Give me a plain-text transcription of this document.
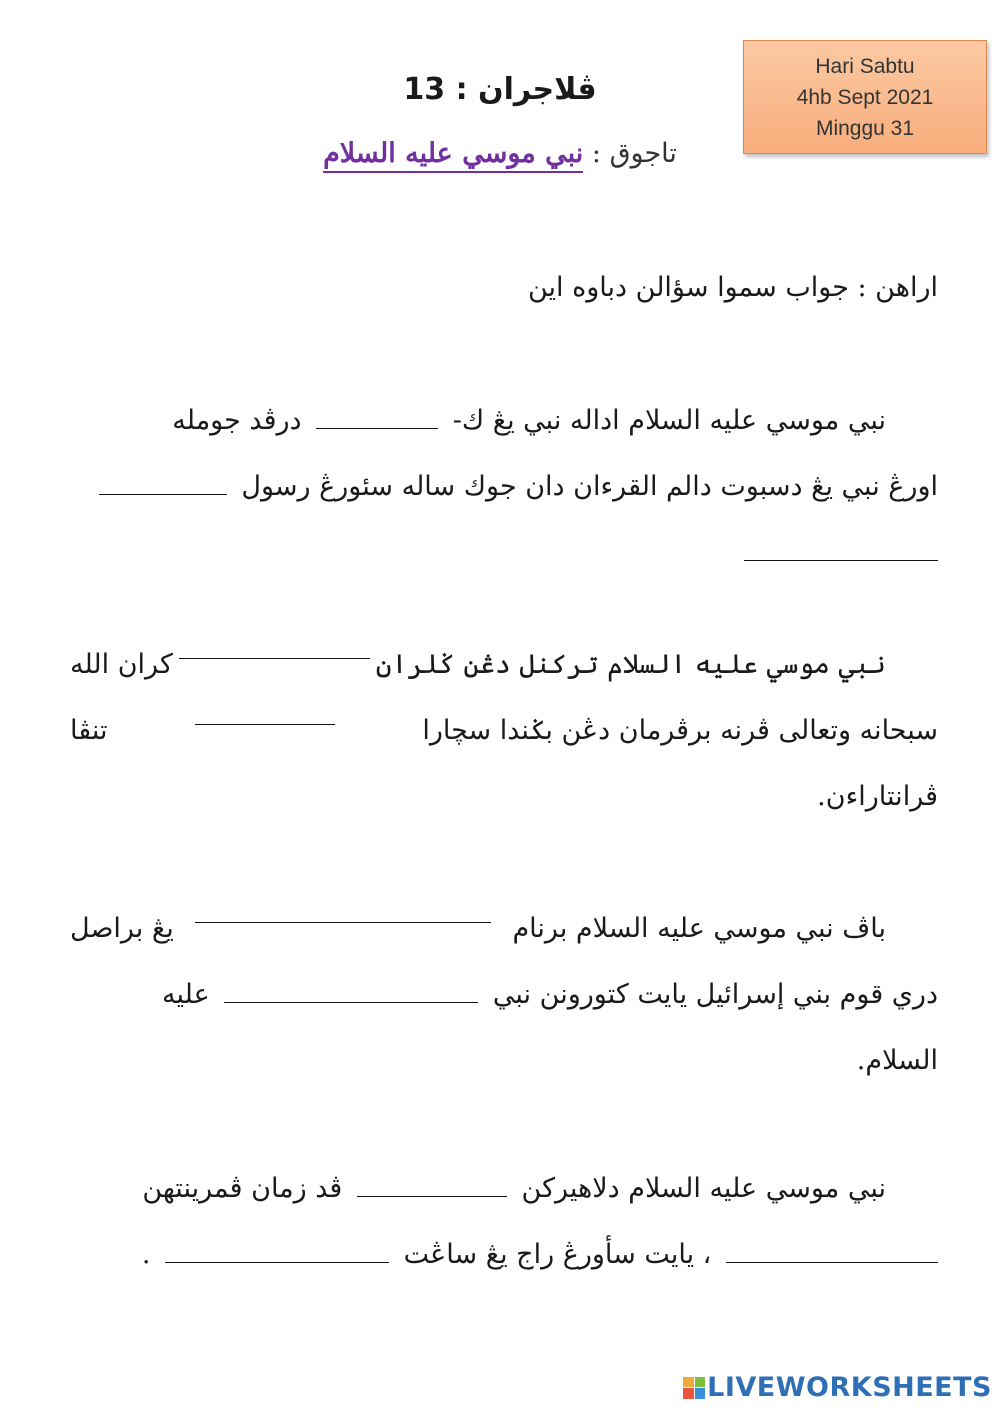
Hari Sabtu
4hb Sept 2021
Minggu 31
ڤلاجران : 13
تاجوق : نبي موسي عليه السلام
اراهن : جواب سموا سؤالن دباوه اين
نبي موسي عليه السلام اداله نبي يڠ ك-  درڤد جومله
اورڠ نبي يڠ دسبوت دالم القرءان دان جوك ساله سئورڠ رسول
نبي موسي عليه السلام تركنل دڠن ݢلران
كران الله
سبحانه وتعالى ڤرنه برڤرمان دڠن بݢندا سچارا
تنڤا
ڤرانتاراءن.
باڤ نبي موسي عليه السلام برنام
يڠ براصل
دري قوم بني إسرائيل يايت كتورونن نبي  عليه
السلام.
نبي موسي عليه السلام دلاهيركن  ڤد زمان ڤمرينتهن
، يايت سأورڠ راج يڠ ساڠت  .
LIVEWORKSHEETS
